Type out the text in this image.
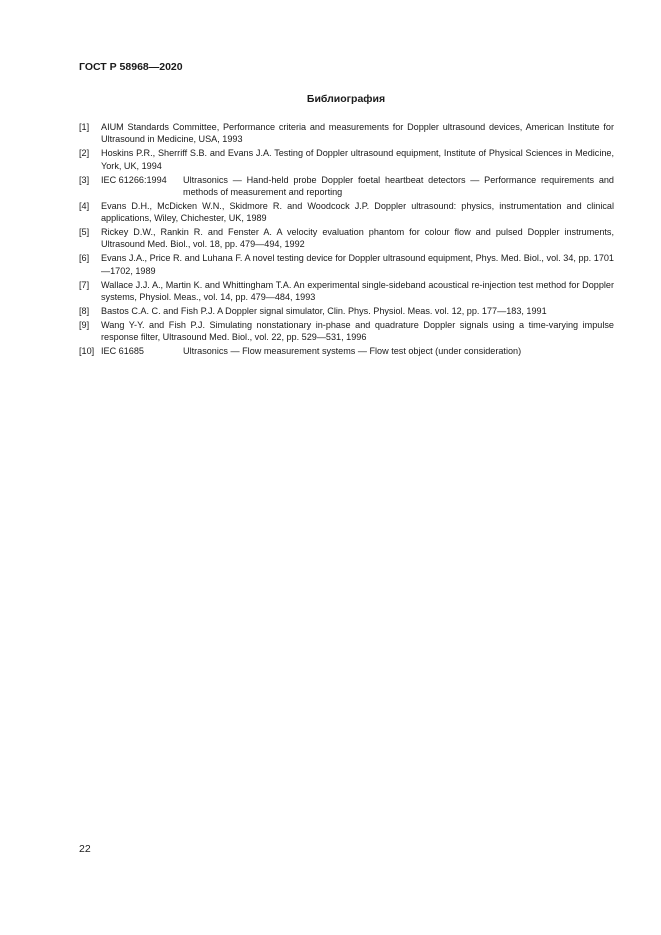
ГОСТ Р 58968—2020
Библиография
[1]	AIUM Standards Committee, Performance criteria and measurements for Doppler ultrasound devices, American Institute for Ultrasound in Medicine, USA, 1993
[2]	Hoskins P.R., Sherriff S.B. and Evans J.A. Testing of Doppler ultrasound equipment, Institute of Physical Sciences in Medicine, York, UK, 1994
[3]	IEC 61266:1994	Ultrasonics — Hand-held probe Doppler foetal heartbeat detectors — Performance requirements and methods of measurement and reporting
[4]	Evans D.H., McDicken W.N., Skidmore R. and Woodcock J.P. Doppler ultrasound: physics, instrumentation and clinical applications, Wiley, Chichester, UK, 1989
[5]	Rickey D.W., Rankin R. and Fenster A. A velocity evaluation phantom for colour flow and pulsed Doppler instruments, Ultrasound Med. Biol., vol. 18, pp. 479—494, 1992
[6]	Evans J.A., Price R. and Luhana F. A novel testing device for Doppler ultrasound equipment, Phys. Med. Biol., vol. 34, pp. 1701—1702, 1989
[7]	Wallace J.J. A., Martin K. and Whittingham T.A. An experimental single-sideband acoustical re-injection test method for Doppler systems, Physiol. Meas., vol. 14, pp. 479—484, 1993
[8]	Bastos C.A. C. and Fish P.J. A Doppler signal simulator, Clin. Phys. Physiol. Meas. vol. 12, pp. 177—183, 1991
[9]	Wang Y-Y. and Fish P.J. Simulating nonstationary in-phase and quadrature Doppler signals using a time-varying impulse response filter, Ultrasound Med. Biol., vol. 22, pp. 529—531, 1996
[10] IEC 61685	Ultrasonics — Flow measurement systems — Flow test object (under consideration)
22
